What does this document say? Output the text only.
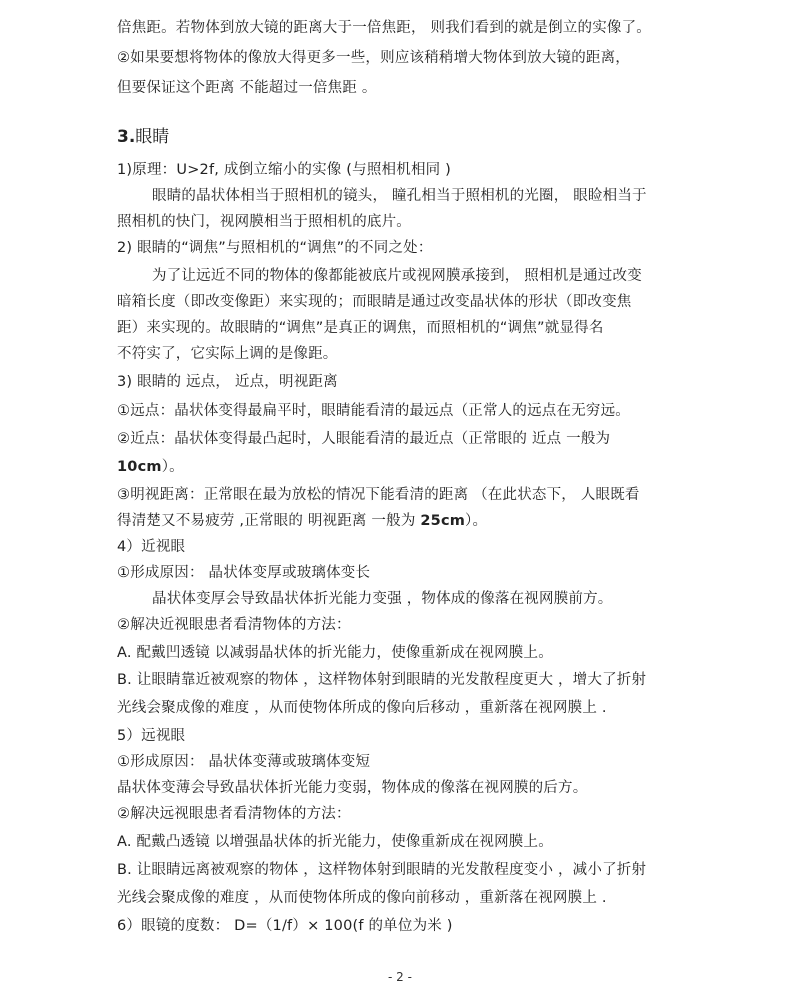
倍焦距。若物体到放大镜的距离大于一倍焦距， 则我们看到的就是倒立的实像了。
②如果要想将物体的像放大得更多一些，则应该稍稍增大物体到放大镜的距离，
但要保证这个距离 不能超过一倍焦距 。
3.眼睛
1)原理：U>2f, 成倒立缩小的实像 (与照相机相同 )
眼睛的晶状体相当于照相机的镜头， 瞳孔相当于照相机的光圈， 眼睑相当于
照相机的快门，视网膜相当于照相机的底片。
2) 眼睛的“调焦”与照相机的“调焦”的不同之处：
为了让远近不同的物体的像都能被底片或视网膜承接到， 照相机是通过改变
暗箱长度（即改变像距）来实现的；而眼睛是通过改变晶状体的形状（即改变焦
距）来实现的。故眼睛的“调焦”是真正的调焦，而照相机的“调焦”就显得名
不符实了，它实际上调的是像距。
3) 眼睛的 远点， 近点，明视距离
①远点：晶状体变得最扁平时，眼睛能看清的最远点（正常人的远点在无穷远。
②近点：晶状体变得最凸起时，人眼能看清的最近点（正常眼的 近点 一般为
10cm）。
③明视距离：正常眼在最为放松的情况下能看清的距离 （在此状态下， 人眼既看
得清楚又不易疲劳 ,正常眼的 明视距离 一般为 25cm）。
4）近视眼
①形成原因： 晶状体变厚或玻璃体变长
晶状体变厚会导致晶状体折光能力变强 ，物体成的像落在视网膜前方。
②解决近视眼患者看清物体的方法：
A. 配戴凹透镜 以减弱晶状体的折光能力，使像重新成在视网膜上。
B. 让眼睛靠近被观察的物体 ，这样物体射到眼睛的光发散程度更大 ，增大了折射
光线会聚成像的难度 ，从而使物体所成的像向后移动 ，重新落在视网膜上 .
5）远视眼
①形成原因： 晶状体变薄或玻璃体变短
晶状体变薄会导致晶状体折光能力变弱，物体成的像落在视网膜的后方。
②解决远视眼患者看清物体的方法：
A. 配戴凸透镜 以增强晶状体的折光能力，使像重新成在视网膜上。
B. 让眼睛远离被观察的物体 ，这样物体射到眼睛的光发散程度变小 ，减小了折射
光线会聚成像的难度 ，从而使物体所成的像向前移动 ，重新落在视网膜上 .
6）眼镜的度数： D=（1/f）× 100(f 的单位为米 )
- 2 -
